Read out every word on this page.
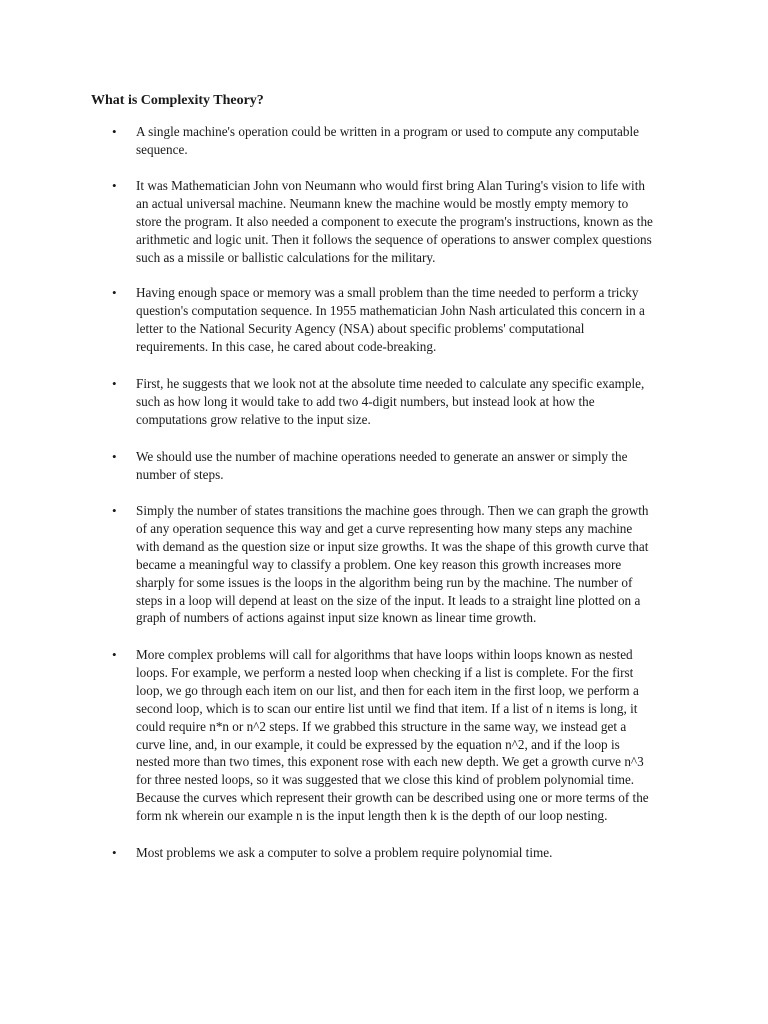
What is Complexity Theory?
• A single machine's operation could be written in a program or used to compute any computable
sequence.

• It was Mathematician John von Neumann who would first bring Alan Turing's vision to life with
an actual universal machine. Neumann knew the machine would be mostly empty memory to
store the program. It also needed a component to execute the program's instructions, known as the
arithmetic and logic unit. Then it follows the sequence of operations to answer complex questions
such as a missile or ballistic calculations for the military.

• Having enough space or memory was a small problem than the time needed to perform a tricky
question's computation sequence. In 1955 mathematician John Nash articulated this concern in a
letter to the National Security Agency (NSA) about specific problems' computational
requirements. In this case, he cared about code-breaking.

• First, he suggests that we look not at the absolute time needed to calculate any specific example,
such as how long it would take to add two 4-digit numbers, but instead look at how the
computations grow relative to the input size.

• We should use the number of machine operations needed to generate an answer or simply the
number of steps.

• Simply the number of states transitions the machine goes through. Then we can graph the growth
of any operation sequence this way and get a curve representing how many steps any machine
with demand as the question size or input size growths. It was the shape of this growth curve that
became a meaningful way to classify a problem. One key reason this growth increases more
sharply for some issues is the loops in the algorithm being run by the machine. The number of
steps in a loop will depend at least on the size of the input. It leads to a straight line plotted on a
graph of numbers of actions against input size known as linear time growth.

• More complex problems will call for algorithms that have loops within loops known as nested
loops. For example, we perform a nested loop when checking if a list is complete. For the first
loop, we go through each item on our list, and then for each item in the first loop, we perform a
second loop, which is to scan our entire list until we find that item. If a list of n items is long, it
could require n*n or n^2 steps. If we grabbed this structure in the same way, we instead get a
curve line, and, in our example, it could be expressed by the equation n^2, and if the loop is
nested more than two times, this exponent rose with each new depth. We get a growth curve n^3
for three nested loops, so it was suggested that we close this kind of problem polynomial time.
Because the curves which represent their growth can be described using one or more terms of the
form nk wherein our example n is the input length then k is the depth of our loop nesting.

• Most problems we ask a computer to solve a problem require polynomial time.
